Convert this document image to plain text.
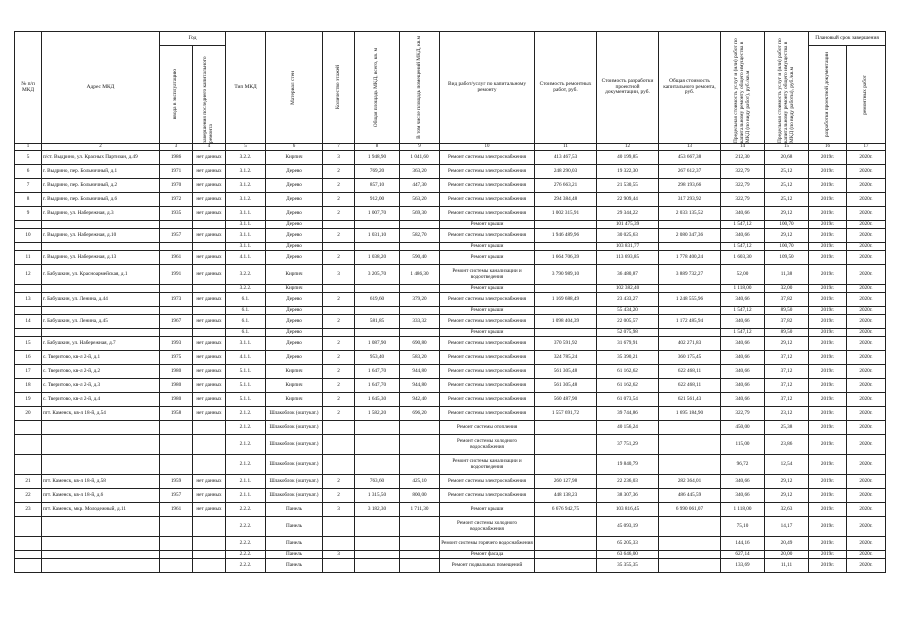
№ п/п МКД	Адрес МКД	Год		Тип МКД	Материал стен	Количество этажей	Общая площадь МКД, всего, кв. м	В том числе площадь помещений МКД, кв.м	Вид работ/услуг по капитальному ремонту	Стоимость ремонтных работ, руб.	Стоимость разработки проектной документации, руб.	Общая стоимость капитального ремонта, руб.	Предельная стоимость услуг и (или) работ по капитальному ремонту общего имущества в МКД (по виду работ), руб./кв.м	Предельная стоимость услуг и (или) работ по капитальному ремонту общего имущества в МКД (по виду работы), руб./кв.м	Плановый срок завершения	

		ввода в эксплуатацию	завершения последнего капитального ремонта												разработки проектной документации	ремонтных работ

1	2	3	4	5	6	7	8	9	10	11	12	13	14	15	16	17
5	п/ст. Выдрино, ул. Красных Партизан, д.49	1986	нет данных	3.2.2.	Кирпич	3	1 948,90	1 041,60	Ремонт системы электроснабжения	413 467,53	40 199,85	453 667,38	212,30	20,68	2019г.	2020г.
6	г. Выдрино, пер. Больничный, д.1	1971	нет данных	3.1.2.	Дерево	2	769,20	363,20	Ремонт системы электроснабжения	248 290,03	19 322,30	267 612,37	322,79	25,12	2019г.	2020г.
7	г. Выдрино, пер. Больничный, д.2	1970	нет данных	3.1.2.	Дерево	2	857,10	447,30	Ремонт системы электроснабжения	276 663,21	21 530,55	298 193,66	322,79	25,12	2019г.	2020г.
8	г. Выдрино, пер. Больничный, д.6	1972	нет данных	3.1.2.	Дерево	2	912,00	563,20	Ремонт системы электроснабжения	294 384,48	22 909,44	317 293,92	322,79	25,12	2019г.	2020г.
9	г. Выдрино, ул. Набережная, д.3	1935	нет данных	3.1.1.	Дерево	2	1 007,70	569,30	Ремонт системы электроснабжения	1 002 315,91	29 344,22	2 033 135,52	340,66	29,12	2019г.	2020г.
				3.1.1.	Дерево				Ремонт крыши		101 475,39		1 547,12	100,70	2019г.	2020г.
10	г. Выдрино, ул. Набережная, д.10	1957	нет данных	3.1.1.	Дерево	2	1 031,10	582,70	Ремонт системы электроснабжения	1 946 489,96	30 025,63	2 080 347,36	340,66	29,12	2019г.	2020г.
				3.1.1.	Дерево				Ремонт крыши		103 831,77		1 547,12	100,70	2019г.	2020г.
11	г. Выдрино, ул. Набережная, д.13	1961	нет данных	4.1.1.	Дерево	2	1 038,20	590,40	Ремонт крыши	1 664 706,39	113 693,85	1 778 400,24	1 603,30	109,50	2019г.	2020г.
12	г. Бабушкин, ул. Красноармейская, д.1	1991	нет данных	3.2.2.	Кирпич	3	3 205,70	1 486,30	Ремонт системы канализации и водоотведения	3 790 989,10	36 480,87	3 889 732,27	52,00	11,38	2019г.	2020г.
				3.2.2.	Кирпич				Ремонт крыши		102 382,40		1 118,00	32,00	2019г.	2020г.
13	г. Бабушкин, ул. Ленина, д.44	1973	нет данных	6.1.	Дерево	2	619,60	379,20	Ремонт системы электроснабжения	1 169 688,49	23 433,27	1 248 555,96	340,66	37,82	2019г.	2020г.
				6.1.	Дерево				Ремонт крыши		55 434,20		1 547,12	89,50	2019г.	2020г.
14	г. Бабушкин, ул. Ленина, д.45	1967	нет данных	6.1.	Дерево	2	581,85	333,32	Ремонт системы электроснабжения	1 098 404,39	22 005,57	1 172 485,94	340,66	37,82	2019г.	2020г.
				6.1.	Дерево				Ремонт крыши		52 075,98		1 547,12	89,50	2019г.	2020г.
15	г. Бабушкин, ул. Набережная, д.7	1993	нет данных	3.1.1.	Дерево	2	1 087,90	690,80	Ремонт системы электроснабжения	370 591,92	31 679,91	402 271,83	340,66	29,12	2019г.	2020г.
16	с. Тверитово, кв-л 2-й, д.1	1975	нет данных	4.1.1.	Дерево	2	953,40	583,20	Ремонт системы электроснабжения	324 785,24	35 390,21	360 175,45	340,66	37,12	2019г.	2020г.
17	с. Тверитово, кв-л 2-й, д.2	1980	нет данных	5.1.1.	Кирпич	2	1 647,70	944,80	Ремонт системы электроснабжения	561 305,48	61 162,62	622 468,11	340,66	37,12	2019г.	2020г.
18	с. Тверитово, кв-л 2-й, д.3	1980	нет данных	5.1.1.	Кирпич	2	1 647,70	944,80	Ремонт системы электроснабжения	561 305,48	61 162,62	622 468,11	340,66	37,12	2019г.	2020г.
19	с. Тверитово, кв-л 2-й, д.4	1980	нет данных	5.1.1.	Кирпич	2	1 645,30	942,40	Ремонт системы электроснабжения	560 487,90	61 073,54	621 561,43	340,66	37,12	2019г.	2020г.
20	пгт. Каменск, кв-л 18-й, д.54	1958	нет данных	2.1.2.	Шлакоблок (оштукат.)	2	1 582,20	696,20	Ремонт системы электроснабжения	1 557 691,72	39 744,86	1 695 184,90	322,79	23,12	2019г.	2020г.
				2.1.2.	Шлакоблок (оштукат.)				Ремонт системы отопления		40 156,24		450,00	25,38	2019г.	2020г.
				2.1.2.	Шлакоблок (оштукат.)				Ремонт системы холодного водоснабжения		37 751,29		115,00	23,86	2019г.	2020г.
				2.1.2.	Шлакоблок (оштукат.)				Ремонт системы канализации и водоотведения		19 840,79		96,72	12,54	2019г.	2020г.
21	пгт. Каменск, кв-л 18-й, д.58	1959	нет данных	2.1.1.	Шлакоблок (оштукат.)	2	763,60	425,10	Ремонт системы электроснабжения	260 127,98	22 236,03	282 364,01	340,66	29,12	2019г.	2020г.
22	пгт. Каменск, кв-л 18-й, д.6	1957	нет данных	2.1.1.	Шлакоблок (оштукат.)	2	1 315,50	800,00	Ремонт системы электроснабжения	448 138,23	38 307,36	486 445,59	340,66	29,12	2019г.	2020г.
23	пгт. Каменск, мкр. Молодежный, д.11	1961	нет данных	2.2.2.	Панель	3	3 182,30	1 711,30	Ремонт крыши	6 676 942,75	103 816,45	6 990 061,07	1 118,00	32,63	2019г.	2020г.
				2.2.2.	Панель				Ремонт системы холодного водоснабжения		45 093,19		75,10	14,17	2019г.	2020г.
				2.2.2.	Панель				Ремонт системы горячего водоснабжения		65 205,33		144,16	20,49	2019г.	2020г.
				2.2.2.	Панель	3			Ремонт фасада		63 646,00		627,14	20,00	2019г.	2020г.
				2.2.2.	Панель				Ремонт подвальных помещений		35 355,35		133,69	11,11	2019г.	2020г.
